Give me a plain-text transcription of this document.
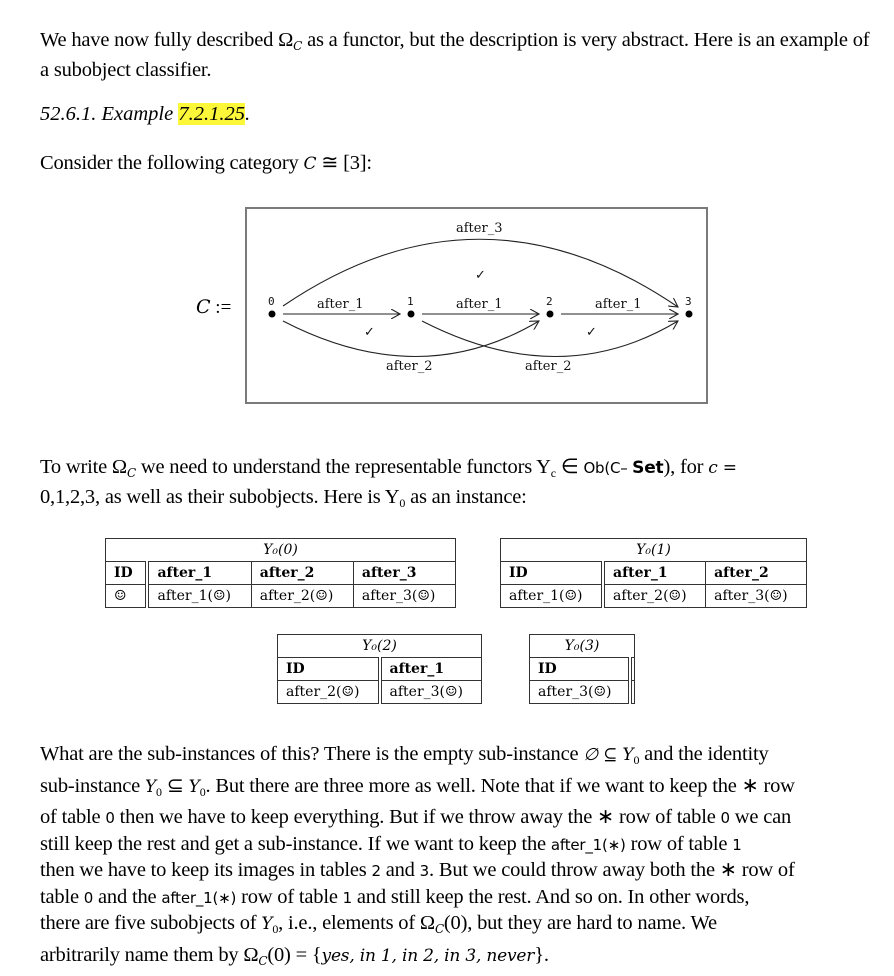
We have now fully described $\Omega_C$ as a functor, but the description is very abstract. Here is an example of a subobject classifier.
52.6.1. Example 7.2.1.25.
Consider the following category C ≅ [3]:
C :=	0	1	2	3
after_1	after_1	after_1
after_3
after_2	after_2
✓
✓	✓
To write $\Omega_C$ we need to understand the representable functors $Y_c$ ∈ Ob(C– Set), for c =
0,1,2,3, as well as their subobjects. Here is $Y_0$ as an instance:
Y₀(0)			
ID	after_1	after_2	after_3
☺	after_1(☺)	after_2(☺)	after_3(☺)
Y₀(1)		
ID	after_1	after_2
after_1(☺)	after_2(☺)	after_3(☺)
Y₀(2)	
ID	after_1
after_2(☺)	after_3(☺)
Y₀(3)	
ID	
after_3(☺)	
What are the sub-instances of this? There is the empty sub-instance ∅ ⊆ $Y_0$ and the identity
sub-instance $Y_0$ ⊆ $Y_0$. But there are three more as well. Note that if we want to keep the ∗ row
of table 0 then we have to keep everything. But if we throw away the ∗ row of table 0 we can
still keep the rest and get a sub-instance. If we want to keep the after_1(∗) row of table 1
then we have to keep its images in tables 2 and 3. But we could throw away both the ∗ row of
table 0 and the after_1(∗) row of table 1 and still keep the rest. And so on. In other words,
there are five subobjects of $Y_0$, i.e., elements of $\Omega_C(0)$, but they are hard to name. We
arbitrarily name them by $\Omega_C(0) = \{yes$, in 1, in 2, in 3, never}.
